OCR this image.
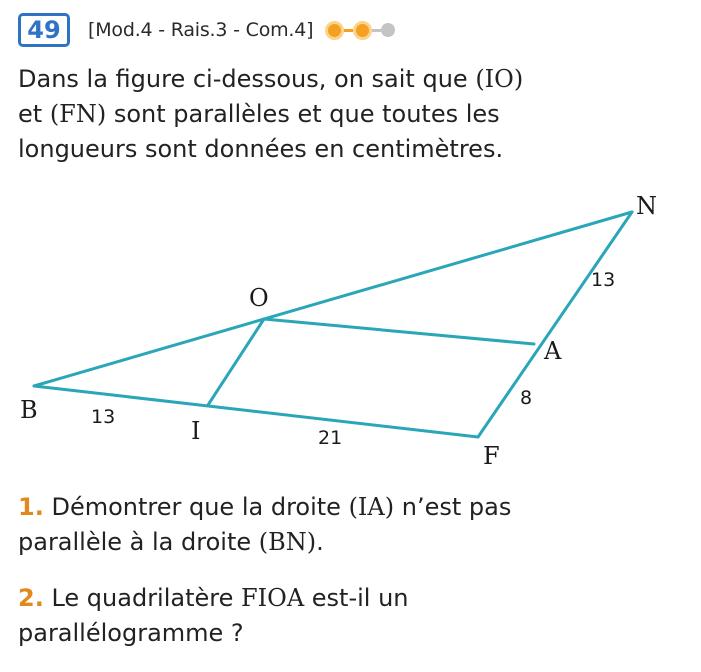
49	[Mod.4 - Rais.3 - Com.4]

Dans la figure ci-dessous, on sait que (IO)

et (FN) sont parallèles et que toutes les

longueurs sont données en centimètres.

N
O
A
B
I
F
13
21
8
13

1. Démontrer que la droite (IA) n’est pas

parallèle à la droite (BN).

2. Le quadrilatère FIOA est-il un

parallélogramme ?
